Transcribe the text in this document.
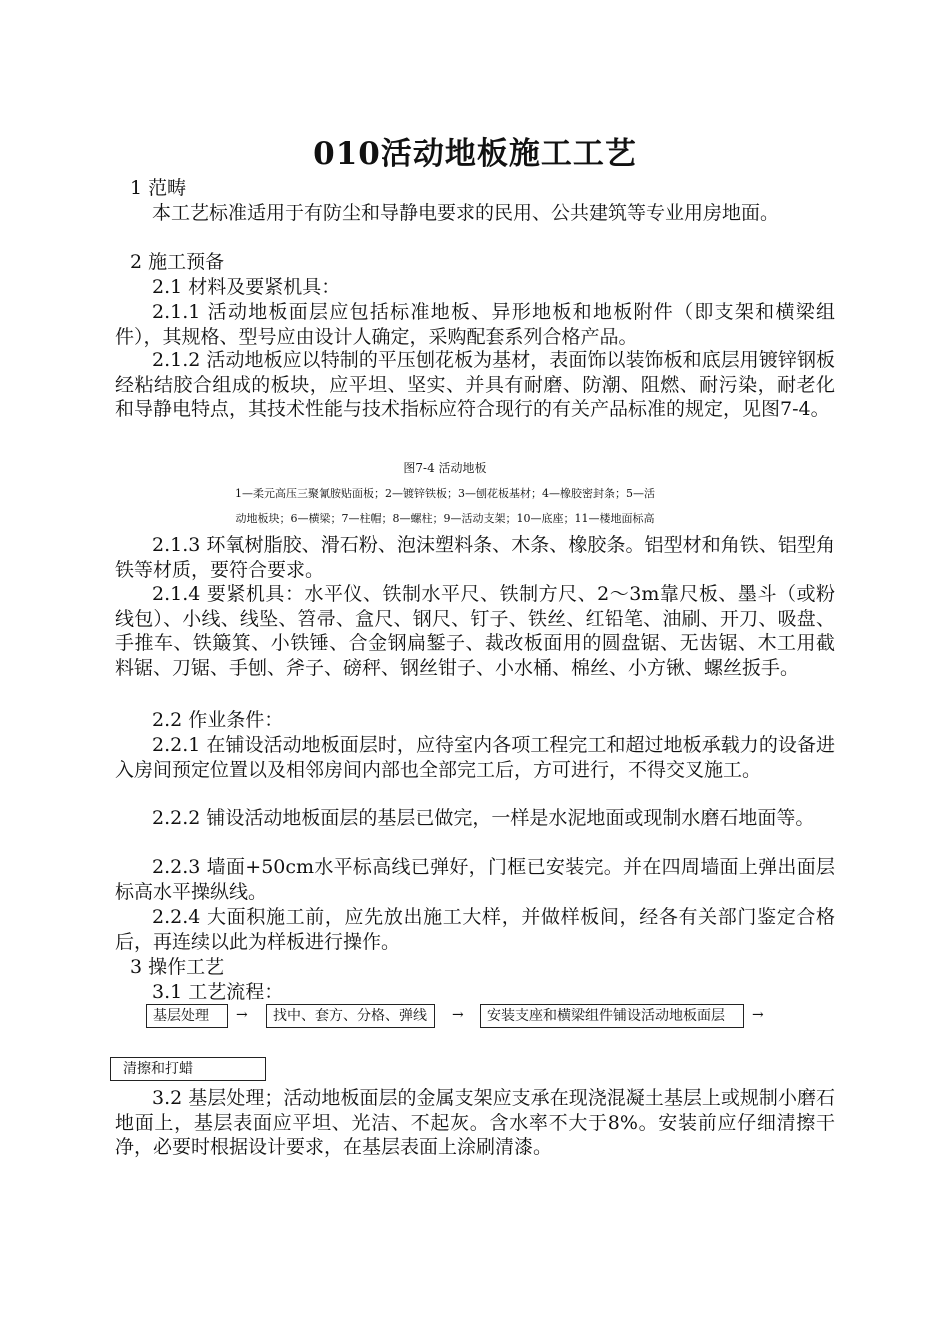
010活动地板施工工艺

1 范畴

本工艺标准适用于有防尘和导静电要求的民用、公共建筑等专业用房地面。

2 施工预备

2.1 材料及要紧机具：

2.1.1 活动地板面层应包括标准地板、异形地板和地板附件（即支架和横梁组件），其规格、型号应由设计人确定，采购配套系列合格产品。

2.1.2 活动地板应以特制的平压刨花板为基材，表面饰以装饰板和底层用镀锌钢板经粘结胶合组成的板块，应平坦、坚实、并具有耐磨、防潮、阻燃、耐污染，耐老化和导静电特点，其技术性能与技术指标应符合现行的有关产品标准的规定，见图7-4。

图7-4 活动地板
1—柔元高压三聚氰胺贴面板；2—镀锌铁板；3—刨花板基材；4—橡胶密封条；5—活
动地板块；6—横梁；7—柱帽；8—螺柱；9—活动支架；10—底座；11—楼地面标高

2.1.3 环氧树脂胶、滑石粉、泡沫塑料条、木条、橡胶条。铝型材和角铁、铝型角铁等材质，要符合要求。

2.1.4 要紧机具：水平仪、铁制水平尺、铁制方尺、2～3m靠尺板、墨斗（或粉线包）、小线、线坠、笤帚、盒尺、钢尺、钉子、铁丝、红铅笔、油刷、开刀、吸盘、手推车、铁簸箕、小铁锤、合金钢扁錾子、裁改板面用的圆盘锯、无齿锯、木工用截料锯、刀锯、手刨、斧子、磅秤、钢丝钳子、小水桶、棉丝、小方锹、螺丝扳手。

2.2 作业条件：

2.2.1 在铺设活动地板面层时，应待室内各项工程完工和超过地板承载力的设备进入房间预定位置以及相邻房间内部也全部完工后，方可进行，不得交叉施工。

2.2.2 铺设活动地板面层的基层已做完，一样是水泥地面或现制水磨石地面等。

2.2.3 墙面+50cm水平标高线已弹好，门框已安装完。并在四周墙面上弹出面层标高水平操纵线。

2.2.4 大面积施工前，应先放出施工大样，并做样板间，经各有关部门鉴定合格后，再连续以此为样板进行操作。

3 操作工艺

3.1 工艺流程：

基层处理	→	找中、套方、分格、弹线	→	安装支座和横梁组件铺设活动地板面层	→
清擦和打蜡

3.2 基层处理；活动地板面层的金属支架应支承在现浇混凝土基层上或规制小磨石地面上，基层表面应平坦、光洁、不起灰。含水率不大于8%。安装前应仔细清擦干净，必要时根据设计要求，在基层表面上涂刷清漆。
